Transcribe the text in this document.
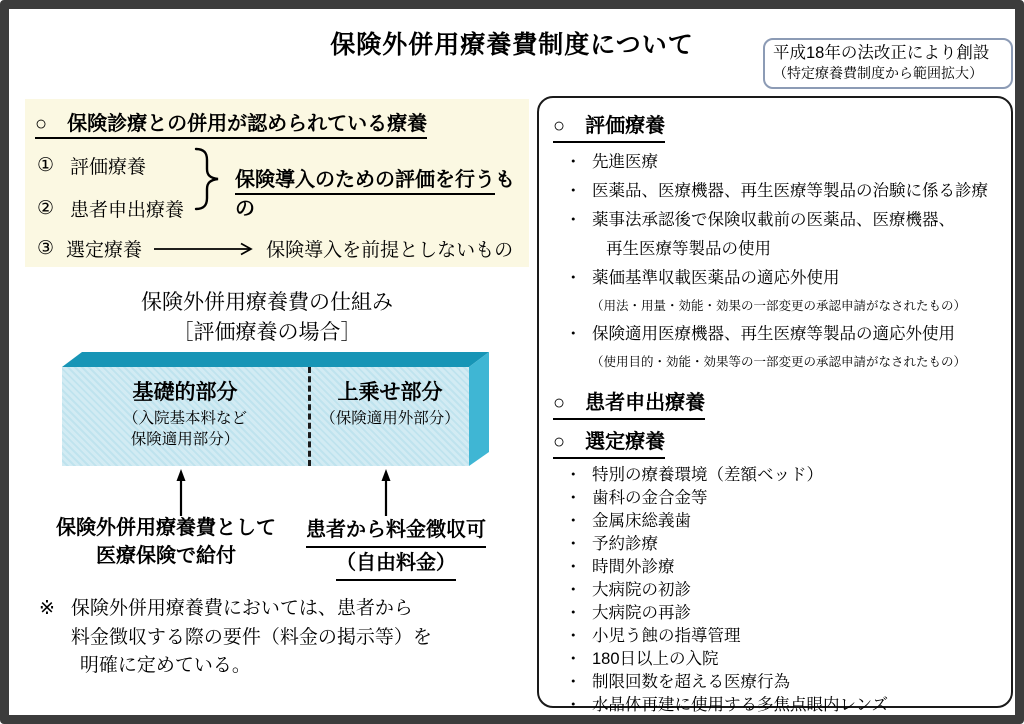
保険外併用療養費制度について	平成18年の法改正により創設
（特定療養費制度から範囲拡大）
○　保険診療との併用が認められている療養
① 評価療養
② 患者申出療養
保険導入のための評価を行うもの
③ 選定療養	保険導入を前提としないもの
保険外併用療養費の仕組み
［評価療養の場合］
基礎的部分
（入院基本料など
保険適用部分）
上乗せ部分
（保険適用外部分）
保険外併用療養費として
医療保険で給付
患者から料金徴収可
（自由料金）
※ 保険外併用療養費においては、患者から
料金徴収する際の要件（料金の掲示等）を
明確に定めている。
○　評価療養
・ 先進医療
・ 医薬品、医療機器、再生医療等製品の治験に係る診療
・ 薬事法承認後で保険収載前の医薬品、医療機器、
再生医療等製品の使用
・ 薬価基準収載医薬品の適応外使用
（用法・用量・効能・効果の一部変更の承認申請がなされたもの）
・ 保険適用医療機器、再生医療等製品の適応外使用
（使用目的・効能・効果等の一部変更の承認申請がなされたもの）
○　患者申出療養
○　選定療養
・ 特別の療養環境（差額ベッド）
・ 歯科の金合金等
・ 金属床総義歯
・ 予約診療
・ 時間外診療
・ 大病院の初診
・ 大病院の再診
・ 小児う蝕の指導管理
・ 180日以上の入院
・ 制限回数を超える医療行為
・ 水晶体再建に使用する多焦点眼内レンズ
